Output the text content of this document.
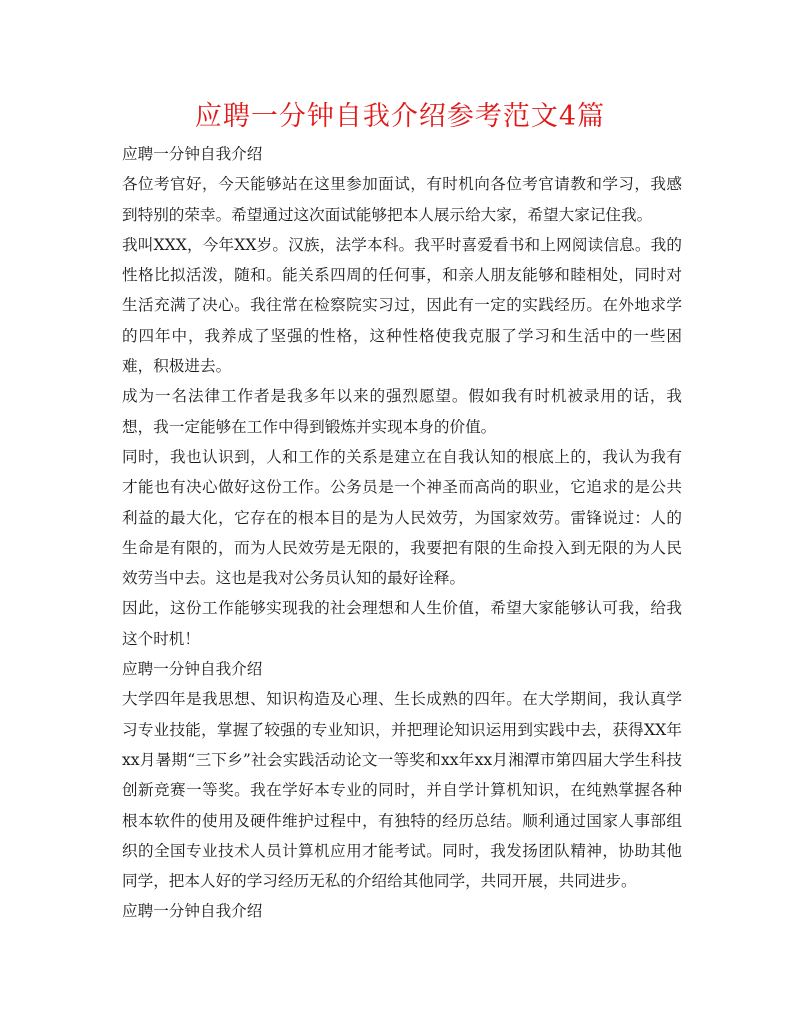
应聘一分钟自我介绍参考范文4篇
应聘一分钟自我介绍

各位考官好，今天能够站在这里参加面试，有时机向各位考官请教和学习，我感到特别的荣幸。希望通过这次面试能够把本人展示给大家，希望大家记住我。

我叫XXX，今年XX岁。汉族，法学本科。我平时喜爱看书和上网阅读信息。我的性格比拟活泼，随和。能关系四周的任何事，和亲人朋友能够和睦相处，同时对生活充满了决心。我往常在检察院实习过，因此有一定的实践经历。在外地求学的四年中，我养成了坚强的性格，这种性格使我克服了学习和生活中的一些困难，积极进去。

成为一名法律工作者是我多年以来的强烈愿望。假如我有时机被录用的话，我想，我一定能够在工作中得到锻炼并实现本身的价值。

同时，我也认识到，人和工作的关系是建立在自我认知的根底上的，我认为我有才能也有决心做好这份工作。公务员是一个神圣而高尚的职业，它追求的是公共利益的最大化，它存在的根本目的是为人民效劳，为国家效劳。雷锋说过：人的生命是有限的，而为人民效劳是无限的，我要把有限的生命投入到无限的为人民效劳当中去。这也是我对公务员认知的最好诠释。

因此，这份工作能够实现我的社会理想和人生价值，希望大家能够认可我，给我这个时机！

应聘一分钟自我介绍

大学四年是我思想、知识构造及心理、生长成熟的四年。在大学期间，我认真学习专业技能，掌握了较强的专业知识，并把理论知识运用到实践中去，获得XX年xx月暑期“三下乡”社会实践活动论文一等奖和xx年xx月湘潭市第四届大学生科技创新竞赛一等奖。我在学好本专业的同时，并自学计算机知识，在纯熟掌握各种根本软件的使用及硬件维护过程中，有独特的经历总结。顺利通过国家人事部组织的全国专业技术人员计算机应用才能考试。同时，我发扬团队精神，协助其他同学，把本人好的学习经历无私的介绍给其他同学，共同开展，共同进步。

应聘一分钟自我介绍
